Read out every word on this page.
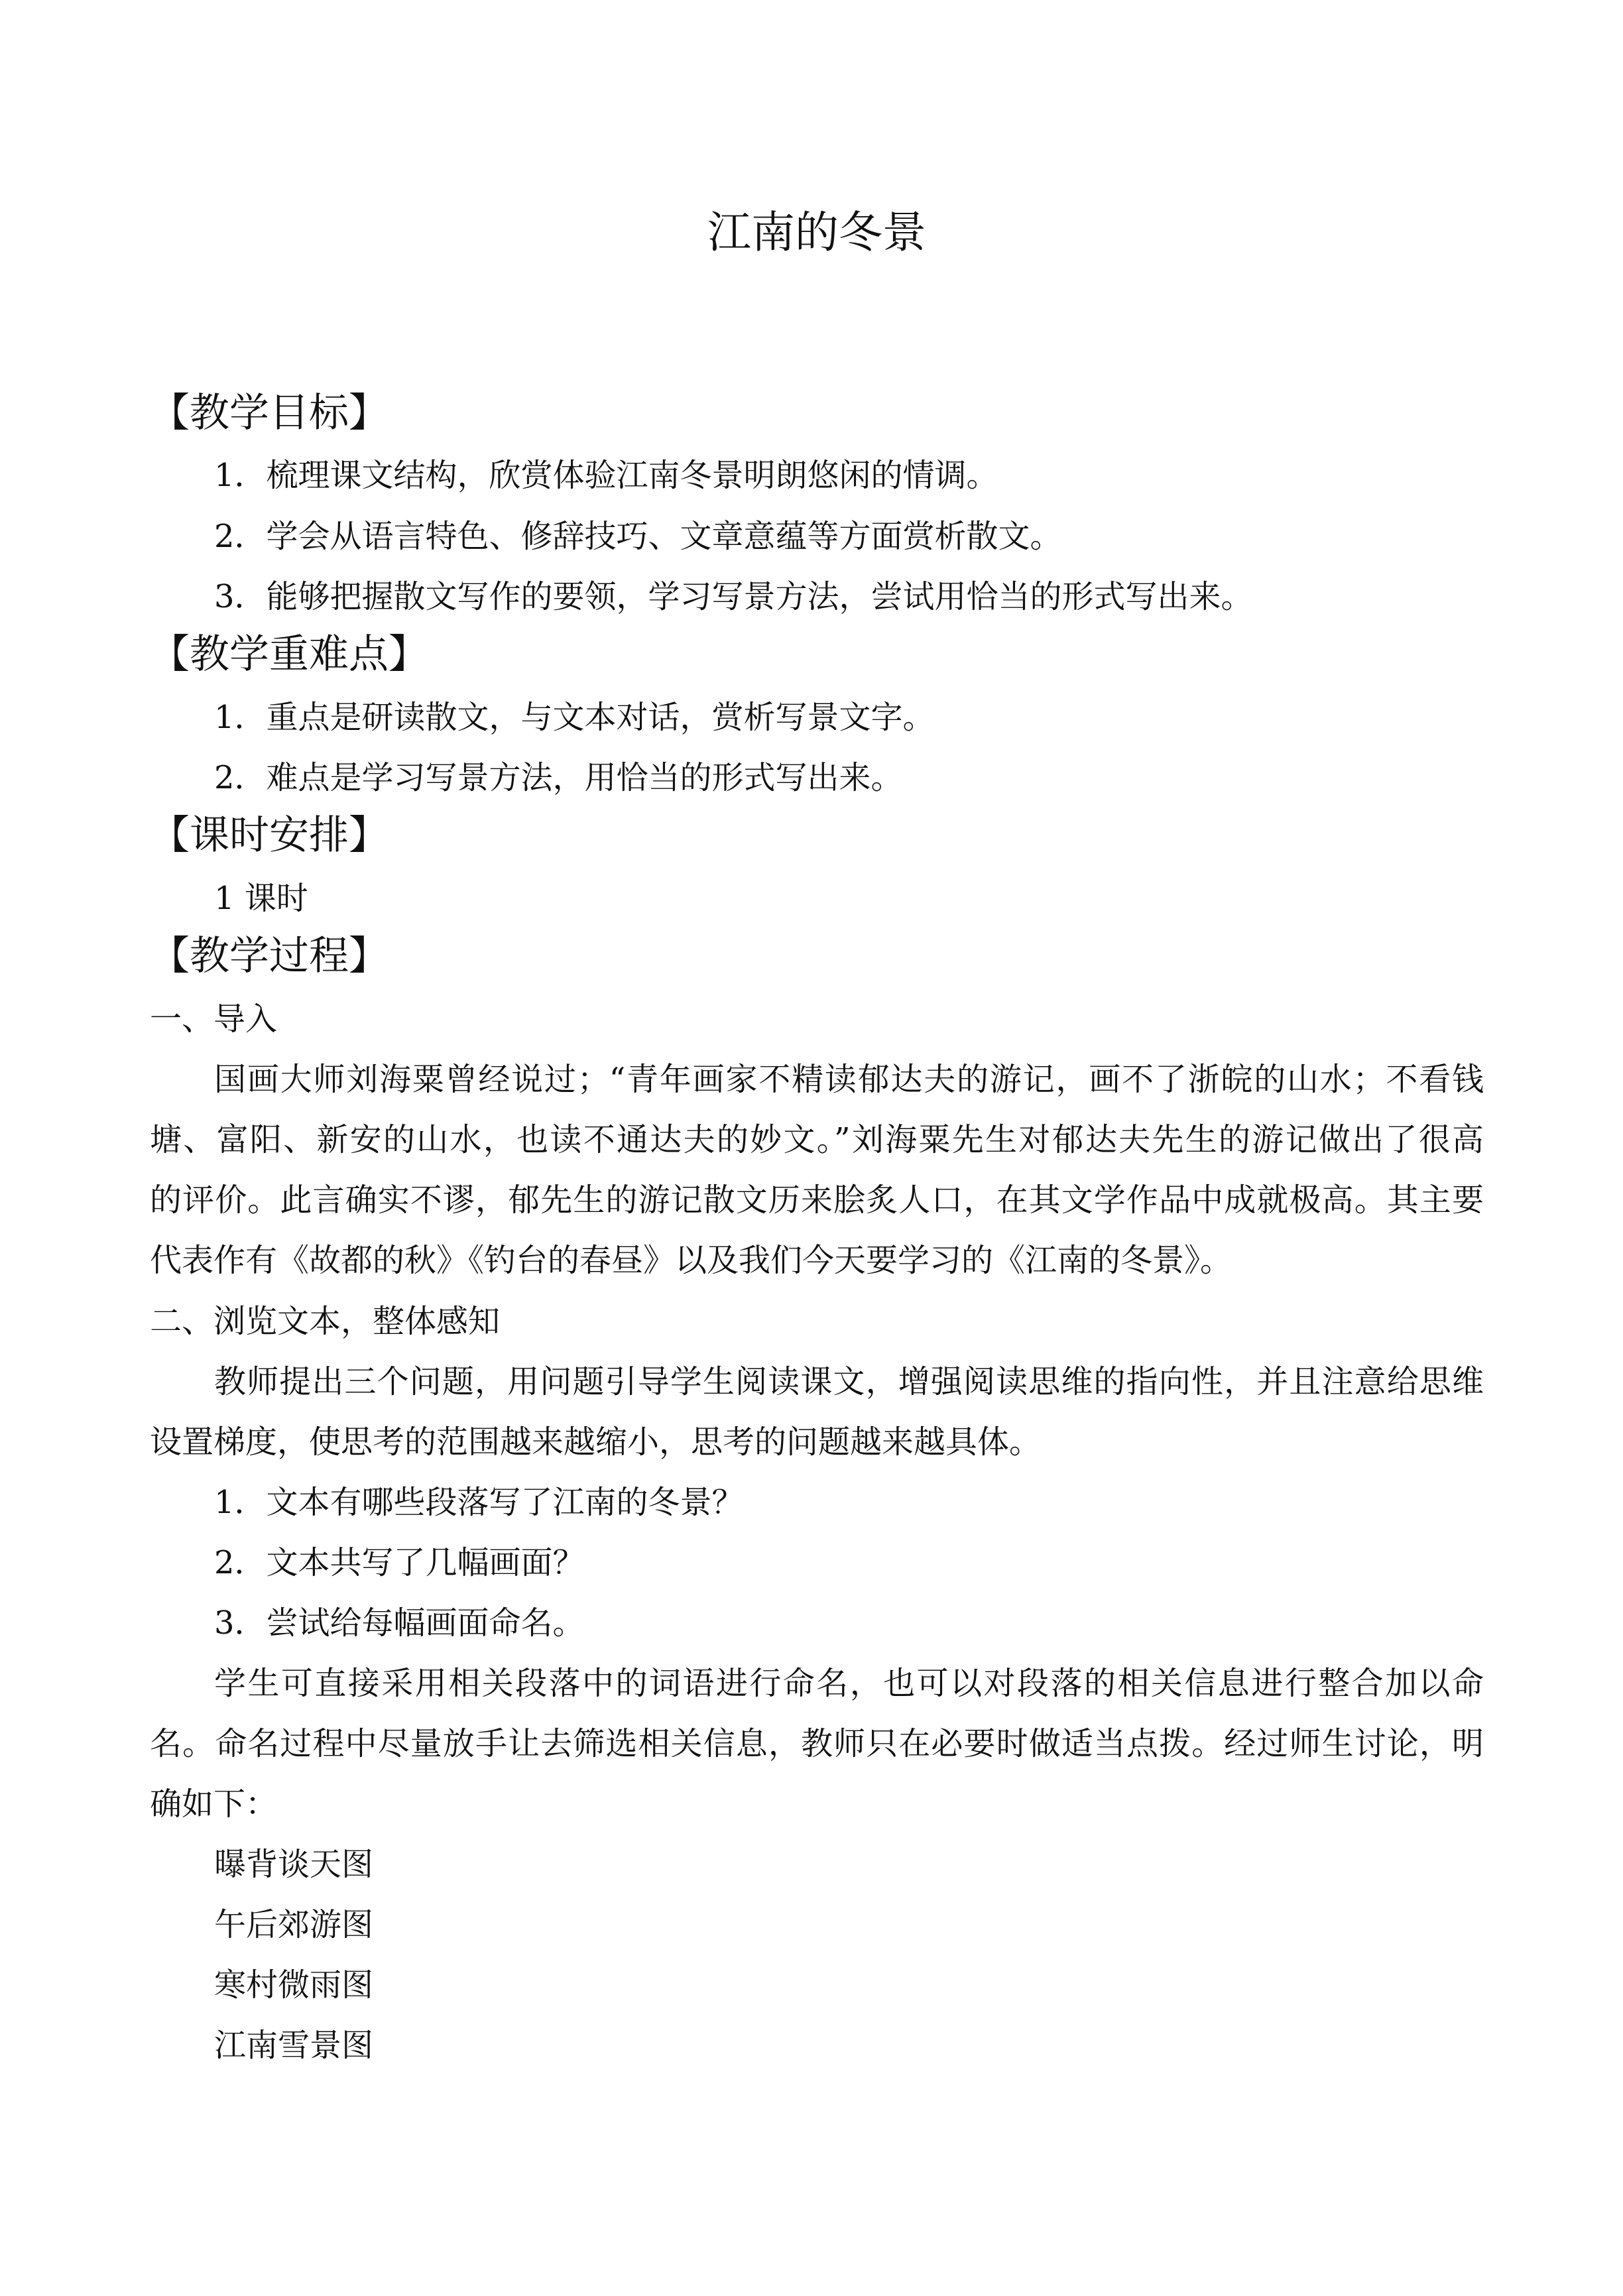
江南的冬景
【教学目标】
1．梳理课文结构，欣赏体验江南冬景明朗悠闲的情调。
2．学会从语言特色、修辞技巧、文章意蕴等方面赏析散文。
3．能够把握散文写作的要领，学习写景方法，尝试用恰当的形式写出来。
【教学重难点】
1．重点是研读散文，与文本对话，赏析写景文字。
2．难点是学习写景方法，用恰当的形式写出来。
【课时安排】
1 课时
【教学过程】
一、导入
国画大师刘海粟曾经说过；“青年画家不精读郁达夫的游记，画不了浙皖的山水；不看钱
塘、富阳、新安的山水，也读不通达夫的妙文。”刘海粟先生对郁达夫先生的游记做出了很高
的评价。此言确实不谬，郁先生的游记散文历来脍炙人口，在其文学作品中成就极高。其主要
代表作有《故都的秋》《钓台的春昼》以及我们今天要学习的《江南的冬景》。
二、浏览文本，整体感知
教师提出三个问题，用问题引导学生阅读课文，增强阅读思维的指向性，并且注意给思维
设置梯度，使思考的范围越来越缩小，思考的问题越来越具体。
1．文本有哪些段落写了江南的冬景？
2．文本共写了几幅画面？
3．尝试给每幅画面命名。
学生可直接采用相关段落中的词语进行命名，也可以对段落的相关信息进行整合加以命
名。命名过程中尽量放手让去筛选相关信息，教师只在必要时做适当点拨。经过师生讨论，明
确如下：
曝背谈天图
午后郊游图
寒村微雨图
江南雪景图
